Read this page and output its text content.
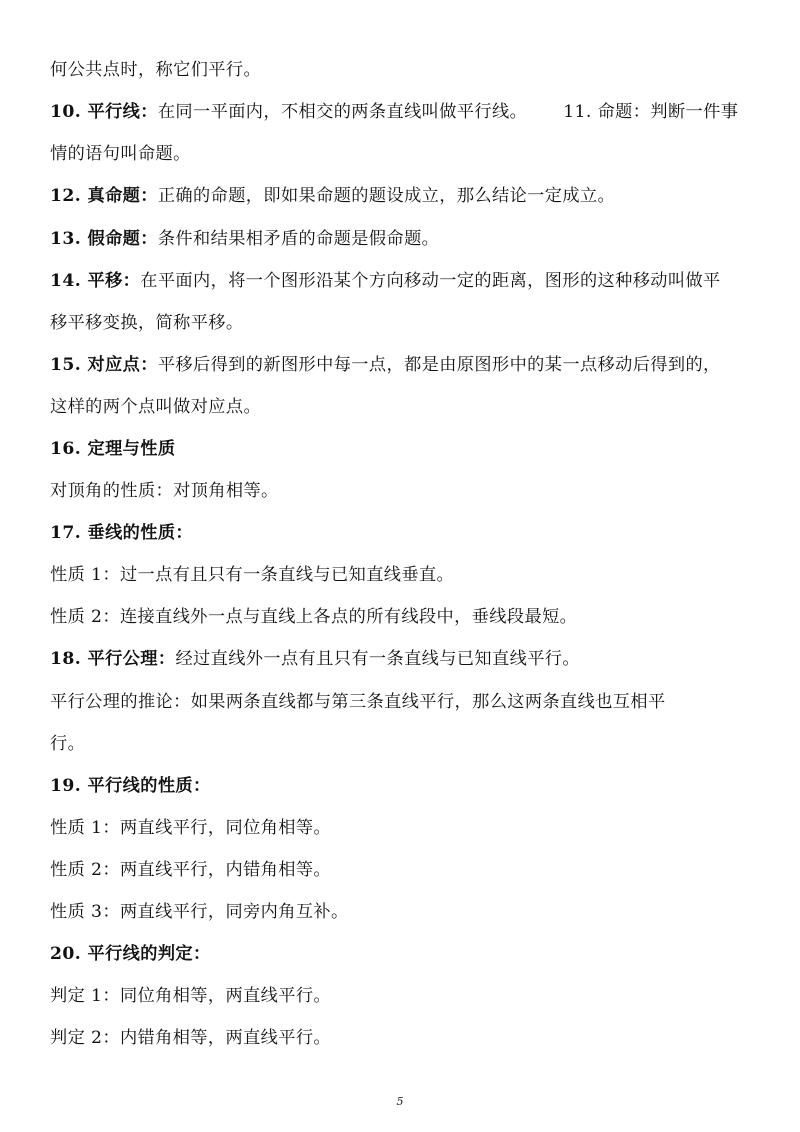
何公共点时，称它们平行。
10. 平行线：在同一平面内，不相交的两条直线叫做平行线。 11. 命题：判断一件事
情的语句叫命题。
12. 真命题：正确的命题，即如果命题的题设成立，那么结论一定成立。
13. 假命题：条件和结果相矛盾的命题是假命题。
14. 平移：在平面内，将一个图形沿某个方向移动一定的距离，图形的这种移动叫做平
移平移变换，简称平移。
15. 对应点：平移后得到的新图形中每一点，都是由原图形中的某一点移动后得到的，
这样的两个点叫做对应点。
16. 定理与性质
对顶角的性质：对顶角相等。
17. 垂线的性质：
性质 1：过一点有且只有一条直线与已知直线垂直。
性质 2：连接直线外一点与直线上各点的所有线段中，垂线段最短。
18. 平行公理：经过直线外一点有且只有一条直线与已知直线平行。
平行公理的推论：如果两条直线都与第三条直线平行，那么这两条直线也互相平
行。
19. 平行线的性质：
性质 1：两直线平行，同位角相等。
性质 2：两直线平行，内错角相等。
性质 3：两直线平行，同旁内角互补。
20. 平行线的判定：
判定 1：同位角相等，两直线平行。
判定 2：内错角相等，两直线平行。
5
